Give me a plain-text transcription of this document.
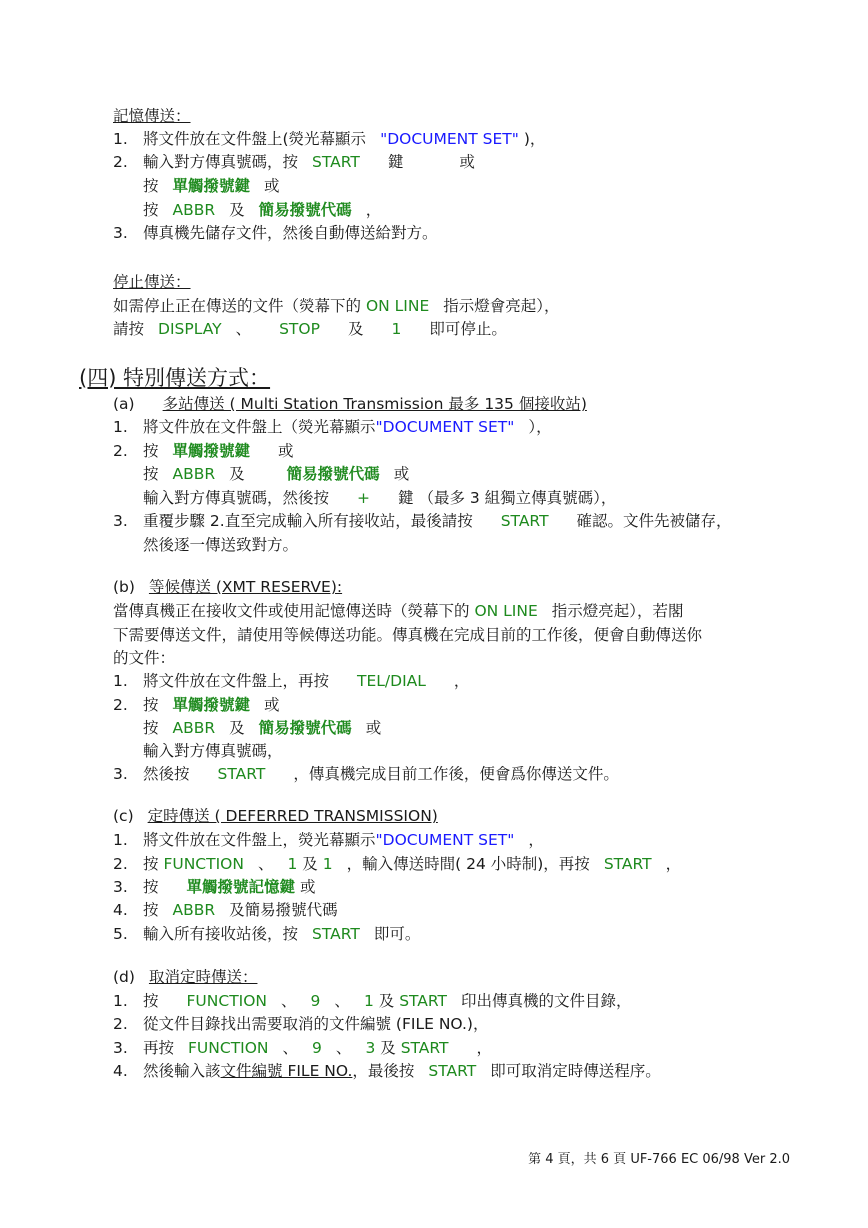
記憶傳送：
1. 將文件放在文件盤上(熒光幕顯示 "DOCUMENT SET" )，
2. 輸入對方傳真號碼，按 START 鍵	或
按 單觸撥號鍵 或
按 ABBR 及 簡易撥號代碼 ，
3. 傳真機先儲存文件，然後自動傳送給對方。
停止傳送：
如需停止正在傳送的文件（熒幕下的 ON LINE 指示燈會亮起），
請按 DISPLAY 、 STOP 及 1 即可停止。
(四) 特別傳送方式：
(a) 多站傳送 ( Multi Station Transmission 最多 135 個接收站)
1. 將文件放在文件盤上（熒光幕顯示"DOCUMENT SET" ），
2. 按 單觸撥號鍵 或
按 ABBR 及	簡易撥號代碼 或
輸入對方傳真號碼，然後按 + 鍵 （最多 3 組獨立傳真號碼），
3. 重覆步驟 2.直至完成輸入所有接收站，最後請按 START 確認。文件先被儲存，
然後逐一傳送致對方。
(b) 等候傳送 (XMT RESERVE):
當傳真機正在接收文件或使用記憶傳送時（熒幕下的 ON LINE 指示燈亮起），若閣
下需要傳送文件，請使用等候傳送功能。傳真機在完成目前的工作後，便會自動傳送你
的文件：
1. 將文件放在文件盤上，再按 TEL/DIAL ，
2. 按 單觸撥號鍵 或
按 ABBR 及 簡易撥號代碼 或
輸入對方傳真號碼，
3. 然後按 START ，傳真機完成目前工作後，便會爲你傳送文件。
(c) 定時傳送 ( DEFERRED TRANSMISSION)
1. 將文件放在文件盤上，熒光幕顯示"DOCUMENT SET" ，
2. 按 FUNCTION 、 1 及 1 ，輸入傳送時間( 24 小時制)，再按 START ，
3. 按 單觸撥號記憶鍵 或
4. 按 ABBR 及簡易撥號代碼
5. 輸入所有接收站後，按 START 即可。
(d) 取消定時傳送：
1. 按 FUNCTION 、 9 、 1 及 START 印出傳真機的文件目錄，
2. 從文件目錄找出需要取消的文件編號 (FILE NO.)，
3. 再按 FUNCTION 、 9 、 3 及 START ，
4. 然後輸入該文件編號 FILE NO.，最後按 START 即可取消定時傳送程序。
第 4 頁，共 6 頁 UF-766 EC 06/98 Ver 2.0
